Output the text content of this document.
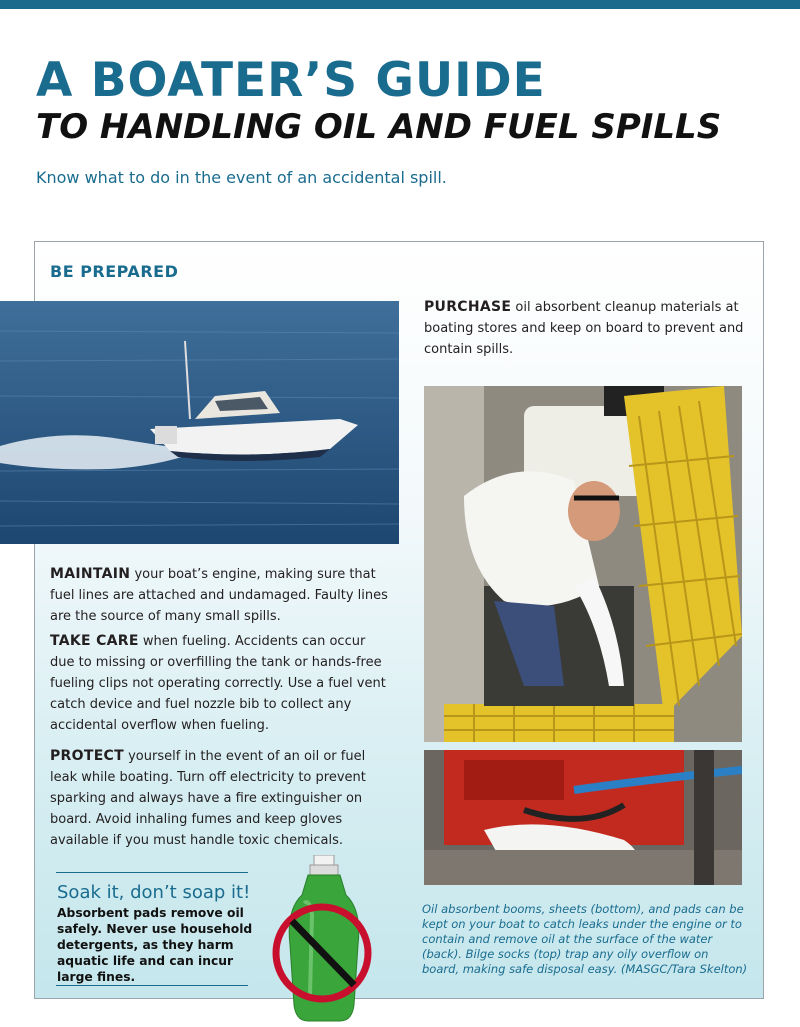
A BOATER’S GUIDE
TO HANDLING OIL AND FUEL SPILLS
Know what to do in the event of an accidental spill.
BE PREPARED
PURCHASE oil absorbent cleanup materials at boating stores and keep on board to prevent and contain spills.
MAINTAIN your boat’s engine, making sure that fuel lines are attached and undamaged. Faulty lines are the source of many small spills.
TAKE CARE when fueling. Accidents can occur due to missing or overfilling the tank or hands-free fueling clips not operating correctly. Use a fuel vent catch device and fuel nozzle bib to collect any accidental overflow when fueling.
PROTECT yourself in the event of an oil or fuel leak while boating. Turn off electricity to prevent sparking and always have a fire extinguisher on board. Avoid inhaling fumes and keep gloves available if you must handle toxic chemicals.
Soak it, don’t soap it!
Absorbent pads remove oil safely. Never use household detergents, as they harm aquatic life and can incur large fines.
Oil absorbent booms, sheets (bottom), and pads can be kept on your boat to catch leaks under the engine or to contain and remove oil at the surface of the water (back). Bilge socks (top) trap any oily overflow on board, making safe disposal easy. (MASGC/Tara Skelton)
